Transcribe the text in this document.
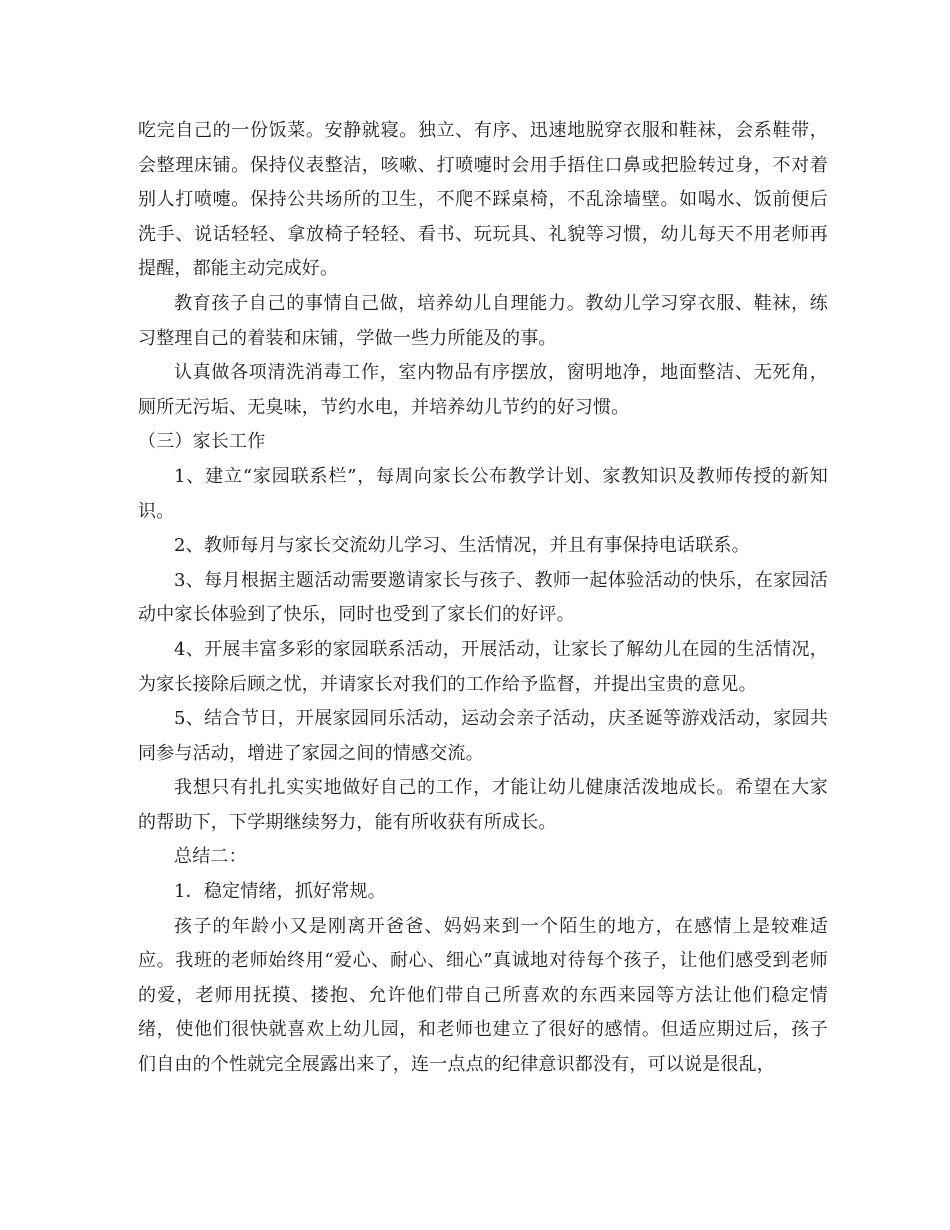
吃完自己的一份饭菜。安静就寝。独立、有序、迅速地脱穿衣服和鞋袜，会系鞋带，会整理床铺。保持仪表整洁，咳嗽、打喷嚏时会用手捂住口鼻或把脸转过身，不对着别人打喷嚏。保持公共场所的卫生，不爬不踩桌椅，不乱涂墙壁。如喝水、饭前便后洗手、说话轻轻、拿放椅子轻轻、看书、玩玩具、礼貌等习惯，幼儿每天不用老师再提醒，都能主动完成好。

教育孩子自己的事情自己做，培养幼儿自理能力。教幼儿学习穿衣服、鞋袜，练习整理自己的着装和床铺，学做一些力所能及的事。

认真做各项清洗消毒工作，室内物品有序摆放，窗明地净，地面整洁、无死角，厕所无污垢、无臭味，节约水电，并培养幼儿节约的好习惯。

（三）家长工作

1、建立“家园联系栏”，每周向家长公布教学计划、家教知识及教师传授的新知识。

2、教师每月与家长交流幼儿学习、生活情况，并且有事保持电话联系。

3、每月根据主题活动需要邀请家长与孩子、教师一起体验活动的快乐，在家园活动中家长体验到了快乐，同时也受到了家长们的好评。

4、开展丰富多彩的家园联系活动，开展活动，让家长了解幼儿在园的生活情况，为家长接除后顾之忧，并请家长对我们的工作给予监督，并提出宝贵的意见。

5、结合节日，开展家园同乐活动，运动会亲子活动，庆圣诞等游戏活动，家园共同参与活动，增进了家园之间的情感交流。

我想只有扎扎实实地做好自己的工作，才能让幼儿健康活泼地成长。希望在大家的帮助下，下学期继续努力，能有所收获有所成长。

总结二：

1．稳定情绪，抓好常规。

孩子的年龄小又是刚离开爸爸、妈妈来到一个陌生的地方，在感情上是较难适应。我班的老师始终用“爱心、耐心、细心”真诚地对待每个孩子，让他们感受到老师的爱，老师用抚摸、搂抱、允许他们带自己所喜欢的东西来园等方法让他们稳定情绪，使他们很快就喜欢上幼儿园，和老师也建立了很好的感情。但适应期过后，孩子们自由的个性就完全展露出来了，连一点点的纪律意识都没有，可以说是很乱，
